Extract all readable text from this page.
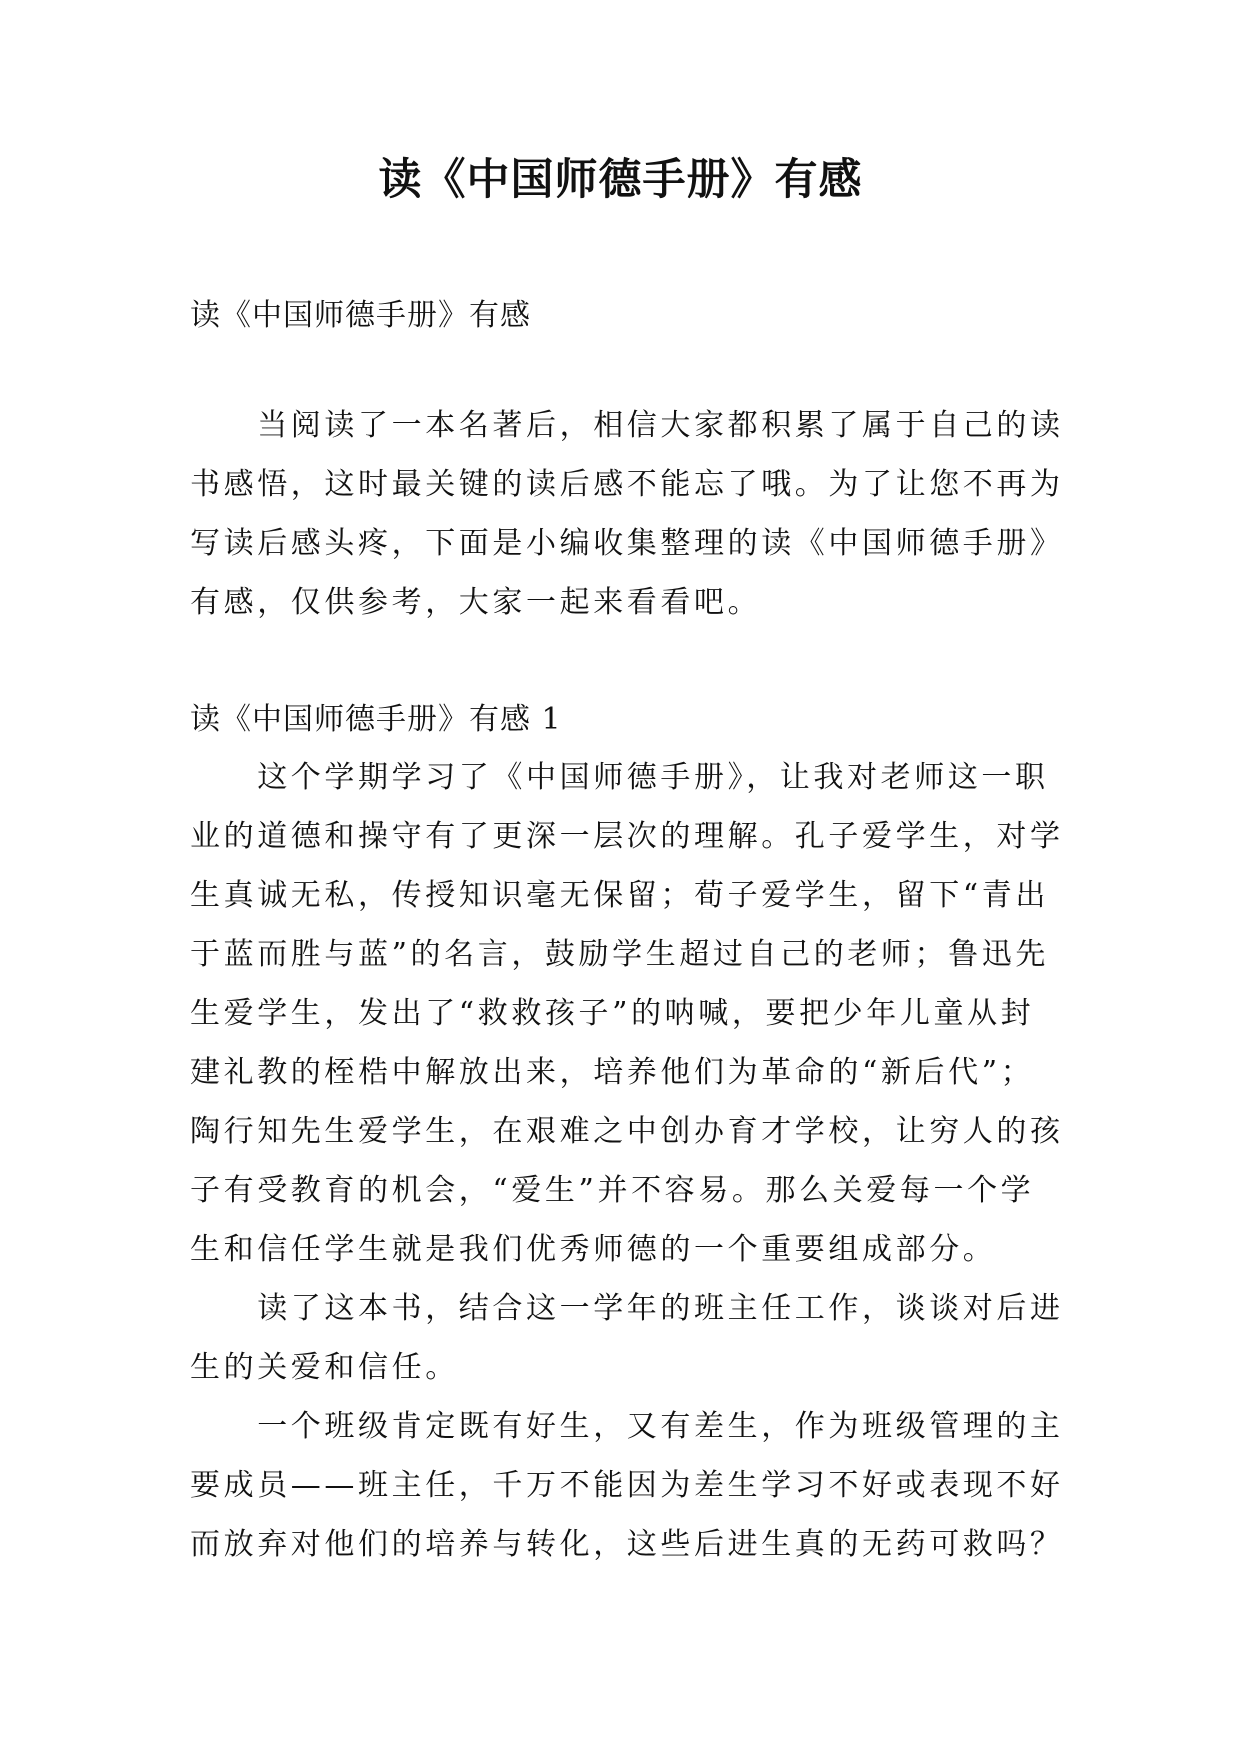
读《中国师德手册》有感

读《中国师德手册》有感

　　当阅读了一本名著后，相信大家都积累了属于自己的读

书感悟，这时最关键的读后感不能忘了哦。为了让您不再为

写读后感头疼，下面是小编收集整理的读《中国师德手册》

有感，仅供参考，大家一起来看看吧。

读《中国师德手册》有感 1

　　这个学期学习了《中国师德手册》，让我对老师这一职

业的道德和操守有了更深一层次的理解。孔子爱学生，对学

生真诚无私，传授知识毫无保留；荀子爱学生，留下“青出

于蓝而胜与蓝”的名言，鼓励学生超过自己的老师；鲁迅先

生爱学生，发出了“救救孩子”的呐喊，要把少年儿童从封

建礼教的桎梏中解放出来，培养他们为革命的“新后代”；

陶行知先生爱学生，在艰难之中创办育才学校，让穷人的孩

子有受教育的机会，“爱生”并不容易。那么关爱每一个学

生和信任学生就是我们优秀师德的一个重要组成部分。

　　读了这本书，结合这一学年的班主任工作，谈谈对后进

生的关爱和信任。

　　一个班级肯定既有好生，又有差生，作为班级管理的主

要成员——班主任，千万不能因为差生学习不好或表现不好

而放弃对他们的培养与转化，这些后进生真的无药可救吗？
